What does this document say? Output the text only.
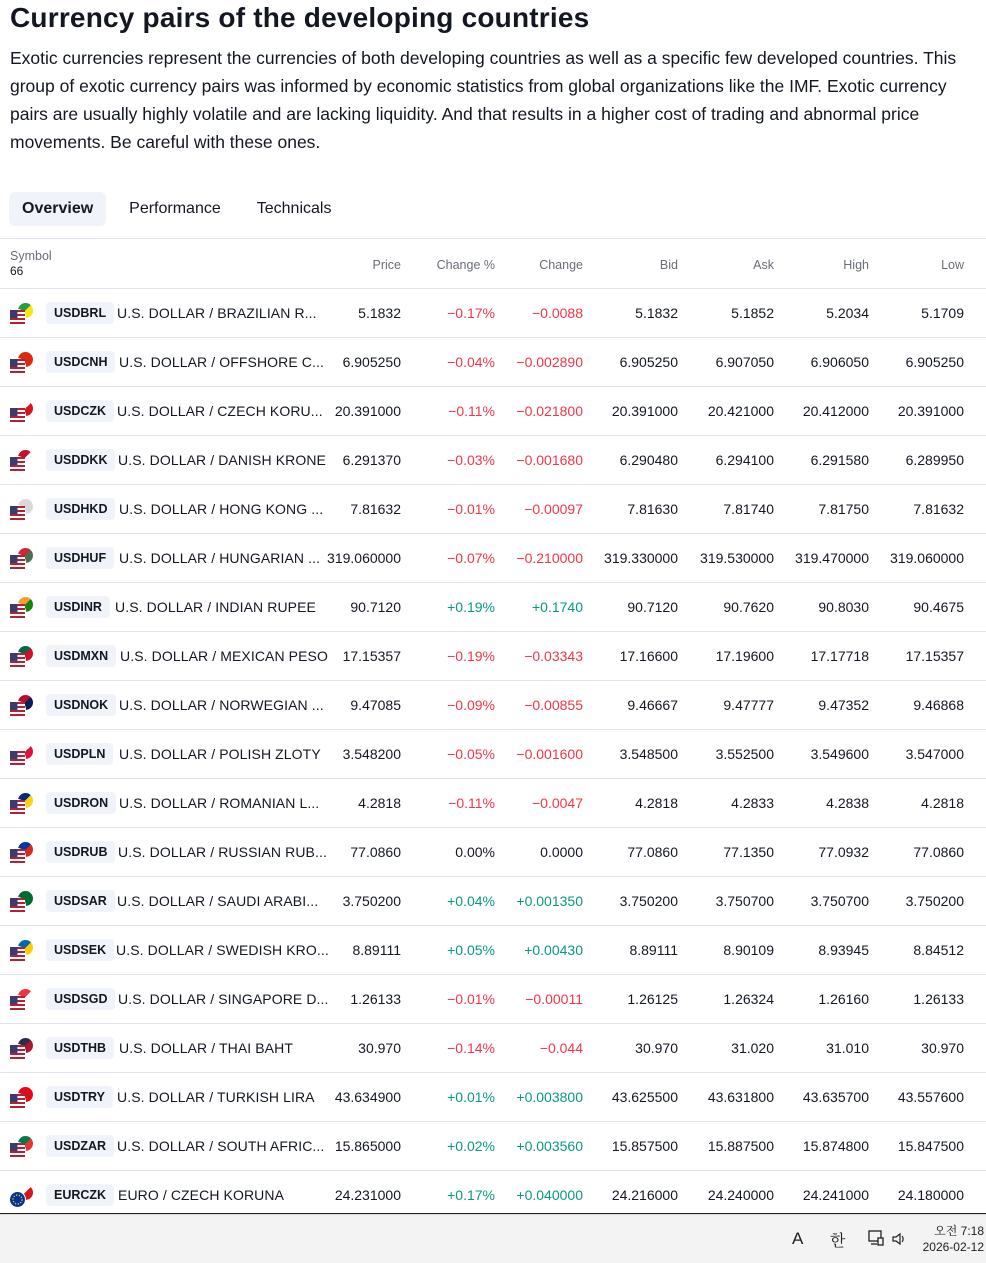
Currency pairs of the developing countries

Exotic currencies represent the currencies of both developing countries as well as a specific few developed countries. This group of exotic currency pairs was informed by economic statistics from global organizations like the IMF. Exotic currency pairs are usually highly volatile and are lacking liquidity. And that results in a higher cost of trading and abnormal price movements. Be careful with these ones.

Overview	Performance	Technicals
Symbol
66	Price	Change %	Change	Bid	Ask	High	Low
USDBRL U.S. DOLLAR / BRAZILIAN R...	5.1832	−0.17%	−0.0088	5.1832	5.1852	5.2034	5.1709
USDCNH U.S. DOLLAR / OFFSHORE C... 6.905250	−0.04% −0.002890	6.905250	6.907050	6.906050	6.905250
USDCZK U.S. DOLLAR / CZECH KORU... 20.391000	−0.11% −0.021800 20.391000 20.421000 20.412000 20.391000
USDDKK U.S. DOLLAR / DANISH KRONE 6.291370	−0.03% −0.001680	6.290480	6.294100	6.291580	6.289950
USDHKD U.S. DOLLAR / HONG KONG ... 7.81632	−0.01% −0.00097	7.81630	7.81740	7.81750	7.81632
USDHUF U.S. DOLLAR / HUNGARIAN ... 319.060000	−0.07% −0.210000 319.330000 319.530000 319.470000 319.060000
USDINR U.S. DOLLAR / INDIAN RUPEE 90.7120	+0.19%	+0.1740	90.7120	90.7620	90.8030	90.4675
USDMXN U.S. DOLLAR / MEXICAN PESO 17.15357	−0.19% −0.03343	17.16600	17.19600	17.17718	17.15357
USDNOK U.S. DOLLAR / NORWEGIAN ... 9.47085	−0.09% −0.00855	9.46667	9.47777	9.47352	9.46868
USDPLN U.S. DOLLAR / POLISH ZLOTY 3.548200	−0.05% −0.001600	3.548500	3.552500	3.549600	3.547000
USDRON U.S. DOLLAR / ROMANIAN L...	4.2818	−0.11%	−0.0047	4.2818	4.2833	4.2838	4.2818
USDRUB U.S. DOLLAR / RUSSIAN RUB... 77.0860	0.00%	0.0000	77.0860	77.1350	77.0932	77.0860
USDSAR U.S. DOLLAR / SAUDI ARABI... 3.750200	+0.04% +0.001350	3.750200	3.750700	3.750700	3.750200
USDSEK U.S. DOLLAR / SWEDISH KRO... 8.89111	+0.05% +0.00430	8.89111	8.90109	8.93945	8.84512
USDSGD U.S. DOLLAR / SINGAPORE D... 1.26133	−0.01% −0.00011	1.26125	1.26324	1.26160	1.26133
USDTHB U.S. DOLLAR / THAI BAHT	30.970	−0.14%	−0.044	30.970	31.020	31.010	30.970
USDTRY U.S. DOLLAR / TURKISH LIRA 43.634900	+0.01% +0.003800 43.625500 43.631800 43.635700 43.557600
USDZAR U.S. DOLLAR / SOUTH AFRIC... 15.865000	+0.02% +0.003560 15.857500 15.887500 15.874800 15.847500
EURCZK EURO / CZECH KORUNA	24.231000	+0.17% +0.040000 24.216000 24.240000 24.241000 24.180000
A 한
오전 7:18
2026-02-12
